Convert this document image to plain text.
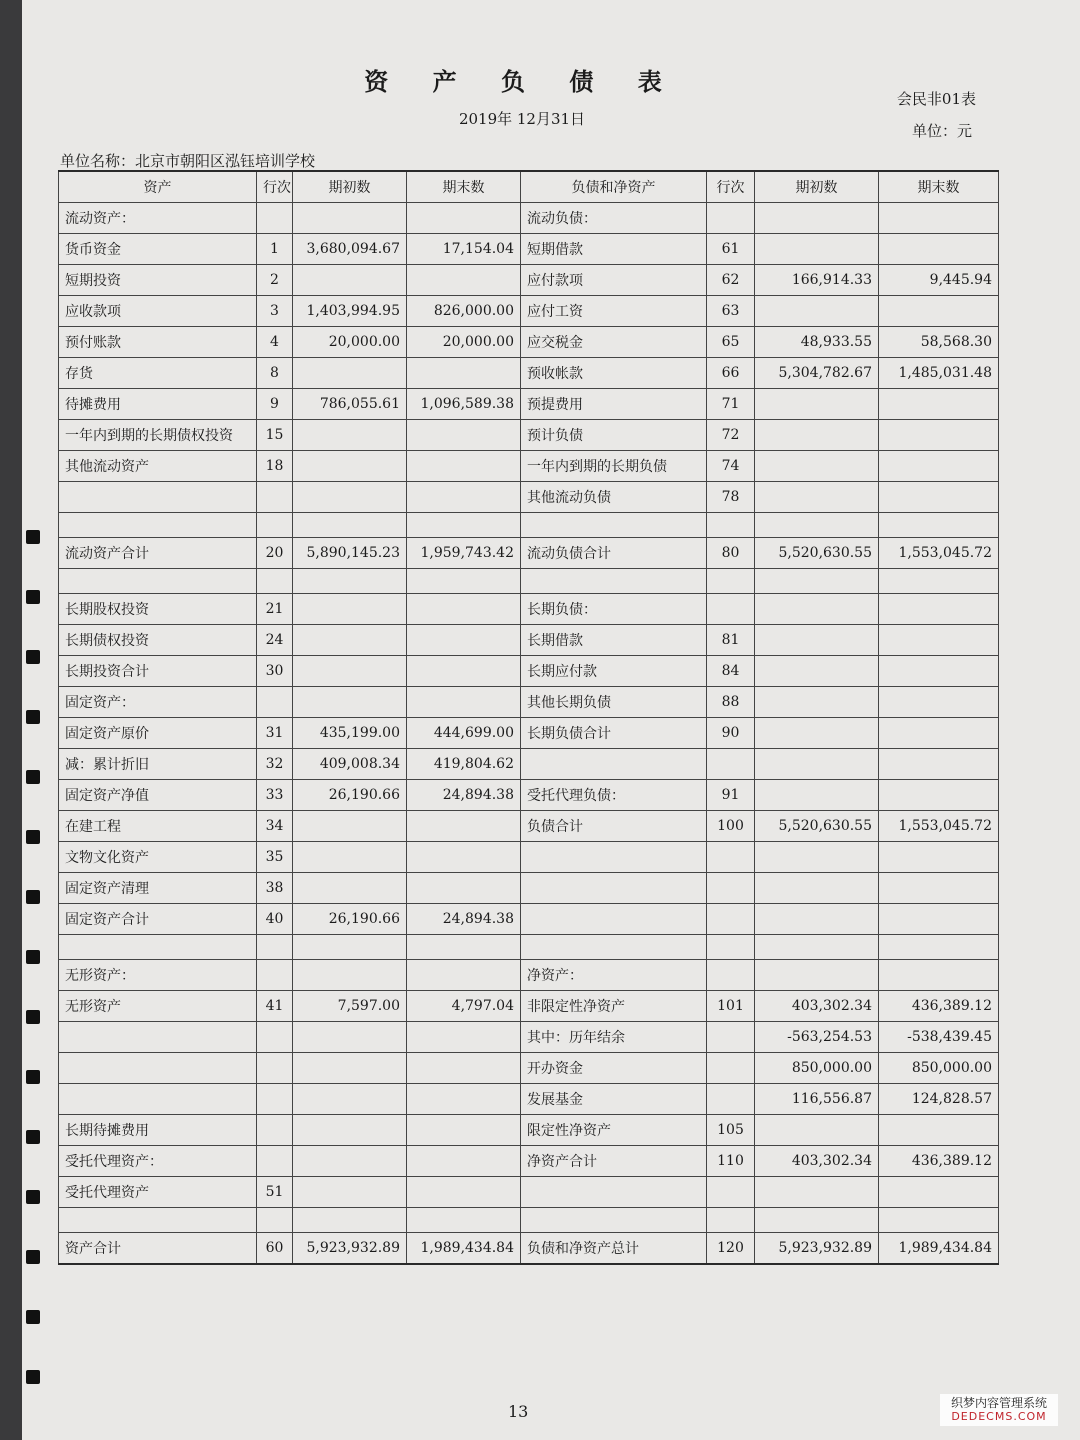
资 产 负 债 表
会民非01表
2019年 12月31日
单位：元
单位名称：北京市朝阳区泓钰培训学校
资产	行次	期初数	期末数	负债和净资产	行次	期初数	期末数
流动资产：				流动负债：			
货币资金	1	3,680,094.67	17,154.04	短期借款	61		
短期投资	2			应付款项	62	166,914.33	9,445.94
应收款项	3	1,403,994.95	826,000.00	应付工资	63		
预付账款	4	20,000.00	20,000.00	应交税金	65	48,933.55	58,568.30
存货	8			预收帐款	66	5,304,782.67	1,485,031.48
待摊费用	9	786,055.61	1,096,589.38	预提费用	71		
一年内到期的长期债权投资	15			预计负债	72		
其他流动资产	18			一年内到期的长期负债	74		
				其他流动负债	78		

流动资产合计	20	5,890,145.23	1,959,743.42	流动负债合计	80	5,520,630.55	1,553,045.72

长期股权投资	21			长期负债：			
长期债权投资	24			长期借款	81		
长期投资合计	30			长期应付款	84		
固定资产：				其他长期负债	88		
固定资产原价	31	435,199.00	444,699.00	长期负债合计	90		
减：累计折旧	32	409,008.34	419,804.62				
固定资产净值	33	26,190.66	24,894.38	受托代理负债：	91		
在建工程	34			负债合计	100	5,520,630.55	1,553,045.72
文物文化资产	35						
固定资产清理	38						
固定资产合计	40	26,190.66	24,894.38				

无形资产：				净资产：			
无形资产	41	7,597.00	4,797.04	非限定性净资产	101	403,302.34	436,389.12
				其中：历年结余		-563,254.53	-538,439.45
				开办资金		850,000.00	850,000.00
				发展基金		116,556.87	124,828.57
长期待摊费用				限定性净资产	105		
受托代理资产：				净资产合计	110	403,302.34	436,389.12
受托代理资产	51						

资产合计	60	5,923,932.89	1,989,434.84	负债和净资产总计	120	5,923,932.89	1,989,434.84
13	织梦内容管理系统
DEDECMS.COM
